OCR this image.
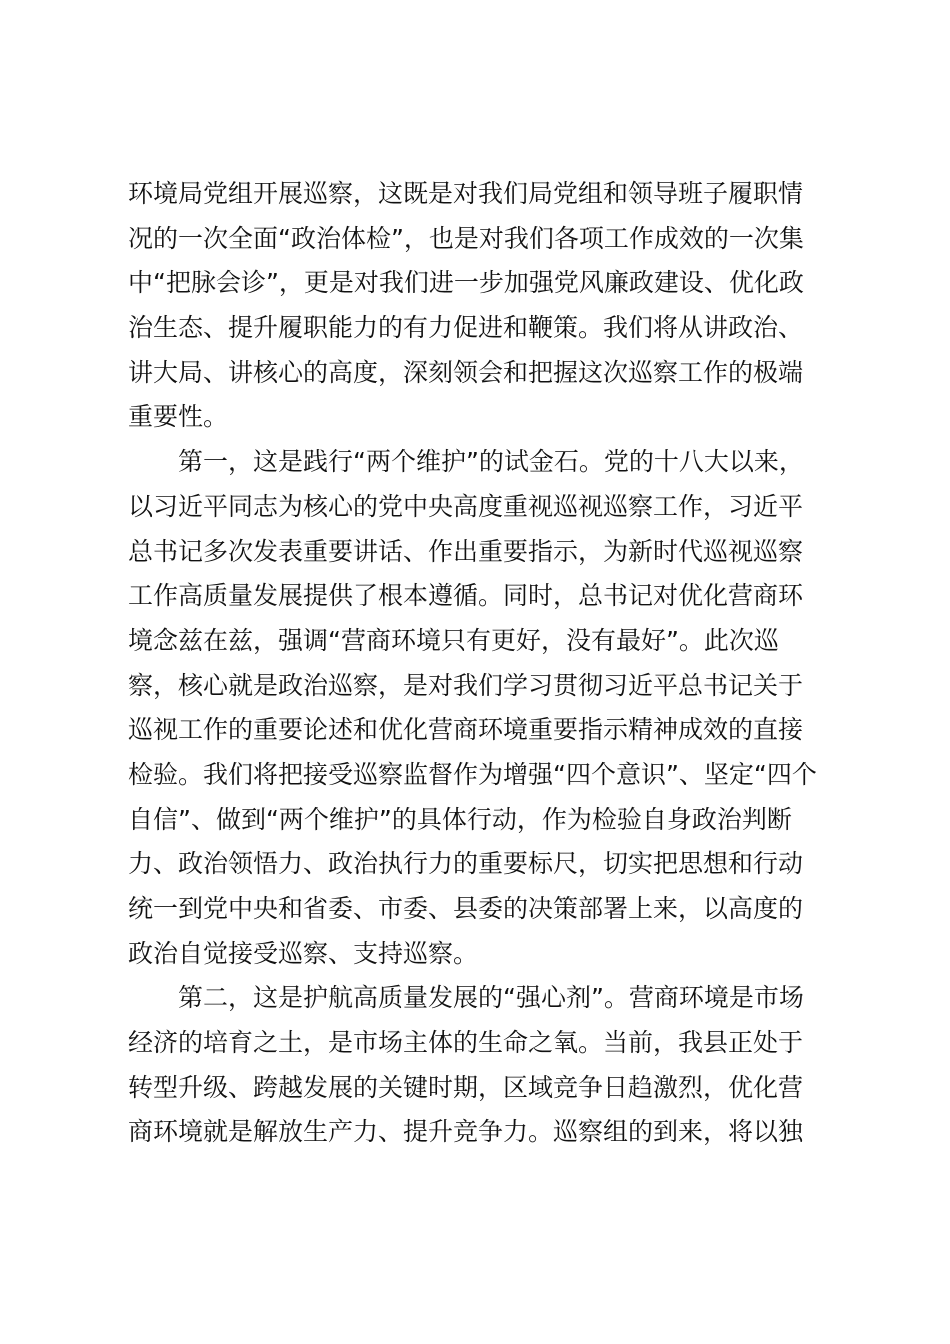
环境局党组开展巡察，这既是对我们局党组和领导班子履职情
况的一次全面“政治体检”，也是对我们各项工作成效的一次集
中“把脉会诊”，更是对我们进一步加强党风廉政建设、优化政
治生态、提升履职能力的有力促进和鞭策。我们将从讲政治、
讲大局、讲核心的高度，深刻领会和把握这次巡察工作的极端
重要性。
第一，这是践行“两个维护”的试金石。党的十八大以来，
以习近平同志为核心的党中央高度重视巡视巡察工作，习近平
总书记多次发表重要讲话、作出重要指示，为新时代巡视巡察
工作高质量发展提供了根本遵循。同时，总书记对优化营商环
境念兹在兹，强调“营商环境只有更好，没有最好”。此次巡
察，核心就是政治巡察，是对我们学习贯彻习近平总书记关于
巡视工作的重要论述和优化营商环境重要指示精神成效的直接
检验。我们将把接受巡察监督作为增强“四个意识”、坚定“四个
自信”、做到“两个维护”的具体行动，作为检验自身政治判断
力、政治领悟力、政治执行力的重要标尺，切实把思想和行动
统一到党中央和省委、市委、县委的决策部署上来，以高度的
政治自觉接受巡察、支持巡察。
第二，这是护航高质量发展的“强心剂”。营商环境是市场
经济的培育之土，是市场主体的生命之氧。当前，我县正处于
转型升级、跨越发展的关键时期，区域竞争日趋激烈，优化营
商环境就是解放生产力、提升竞争力。巡察组的到来，将以独
